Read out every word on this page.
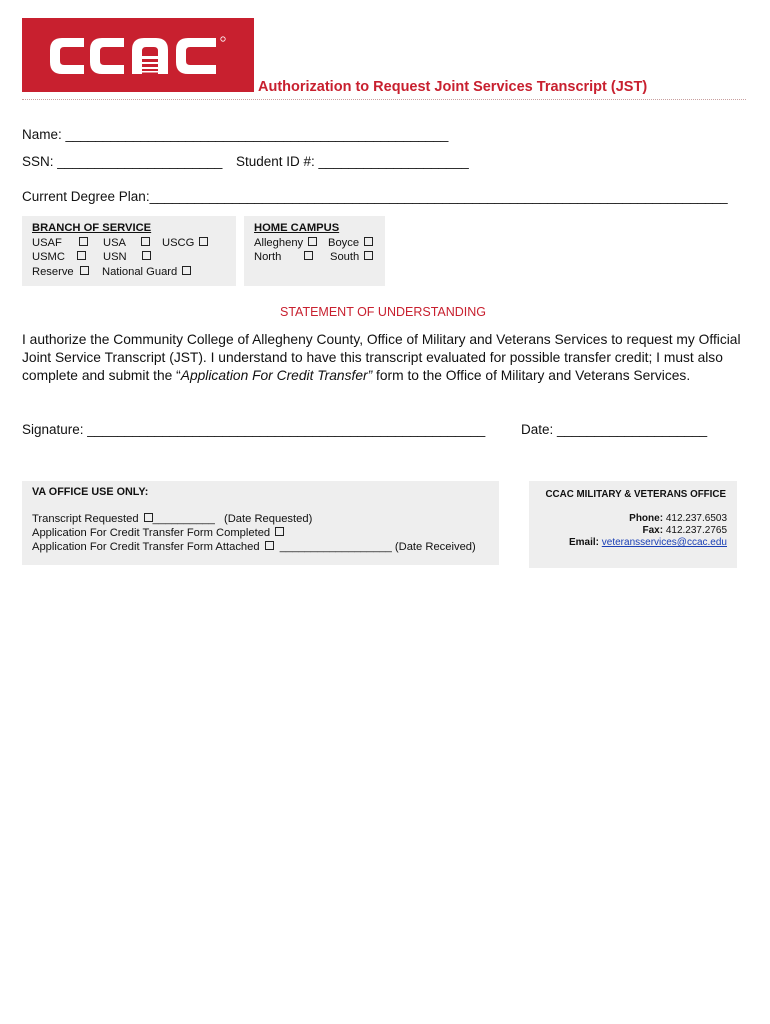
Authorization to Request Joint Services Transcript (JST)
Name: ___________________________________________________
SSN: ______________________ Student ID #: ____________________
Current Degree Plan:_____________________________________________________________________________
BRANCH OF SERVICE
USAF	USA	USCG
USMC	USN
Reserve	National Guard
HOME CAMPUS
Allegheny	Boyce
North	South
STATEMENT OF UNDERSTANDING
I authorize the Community College of Allegheny County, Office of Military and Veterans Services to request my Official
Joint Service Transcript (JST). I understand to have this transcript evaluated for possible transfer credit; I must also
complete and submit the “Application For Credit Transfer” form to the Office of Military and Veterans Services.
Signature: _____________________________________________________	Date: ____________________
VA OFFICE USE ONLY:
Transcript Requested __________ (Date Requested)
Application For Credit Transfer Form Completed
Application For Credit Transfer Form Attached __________________ (Date Received)
CCAC MILITARY & VETERANS OFFICE
Phone: 412.237.6503
Fax: 412.237.2765
Email: veteransservices@ccac.edu
